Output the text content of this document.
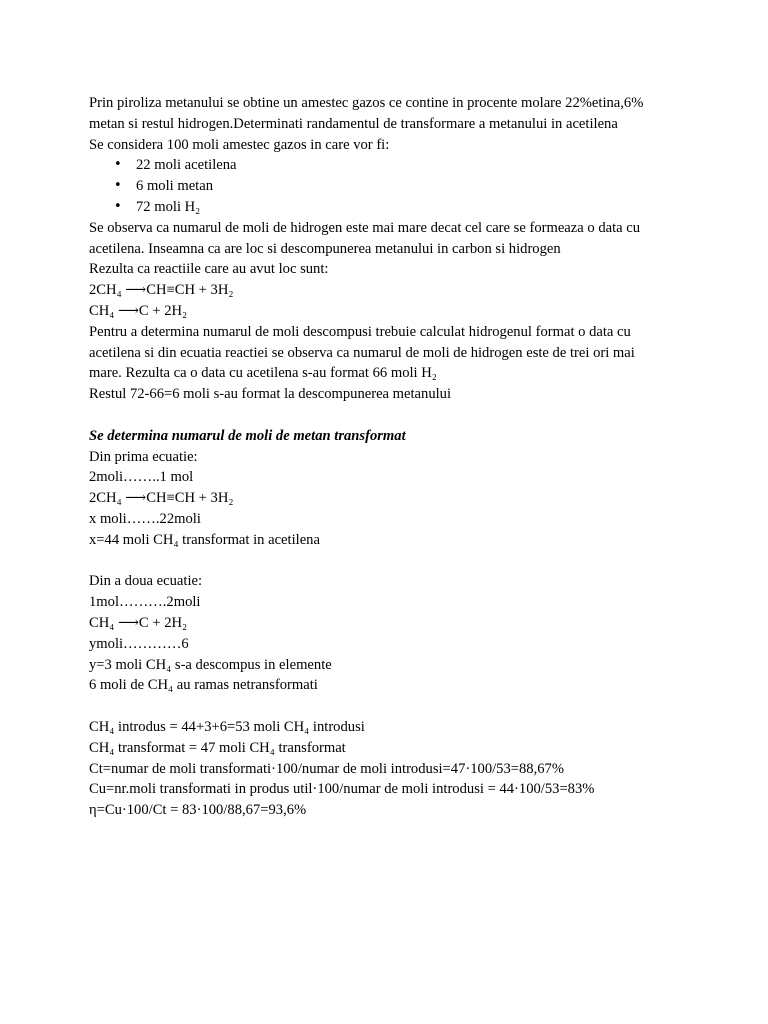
Prin piroliza metanului se obtine un amestec gazos ce contine in procente molare 22%etina,6%

metan si restul hidrogen.Determinati randamentul de transformare a metanului in acetilena

Se considera 100 moli amestec gazos in care vor fi:

• 22 moli acetilena
• 6 moli metan
• 72 moli H₂

Se observa ca numarul de moli de hidrogen este mai mare decat cel care se formeaza o data cu

acetilena. Inseamna ca are loc si descompunerea metanului in carbon si hidrogen

Rezulta ca reactiile care au avut loc sunt:

2CH₄ ⟶CH≡CH + 3H₂

CH₄ ⟶C + 2H₂

Pentru a determina numarul de moli descompusi trebuie calculat hidrogenul format o data cu

acetilena si din ecuatia reactiei se observa ca numarul de moli de hidrogen este de trei ori mai

mare. Rezulta ca o data cu acetilena s-au format 66 moli H₂

Restul 72-66=6 moli s-au format la descompunerea metanului

Se determina numarul de moli de metan transformat

Din prima ecuatie:

2moli……..1 mol

2CH₄ ⟶CH≡CH + 3H₂

x moli…….22moli

x=44 moli CH₄ transformat in acetilena

Din a doua ecuatie:

1mol……….2moli

CH₄ ⟶C + 2H₂

ymoli…………6

y=3 moli CH₄ s-a descompus in elemente

6 moli de CH₄ au ramas netransformati

CH₄ introdus = 44+3+6=53 moli CH₄ introdusi

CH₄ transformat = 47 moli CH₄ transformat

Ct=numar de moli transformati·100/numar de moli introdusi=47·100/53=88,67%

Cu=nr.moli transformati in produs util·100/numar de moli introdusi = 44·100/53=83%

η=Cu·100/Ct = 83·100/88,67=93,6%
